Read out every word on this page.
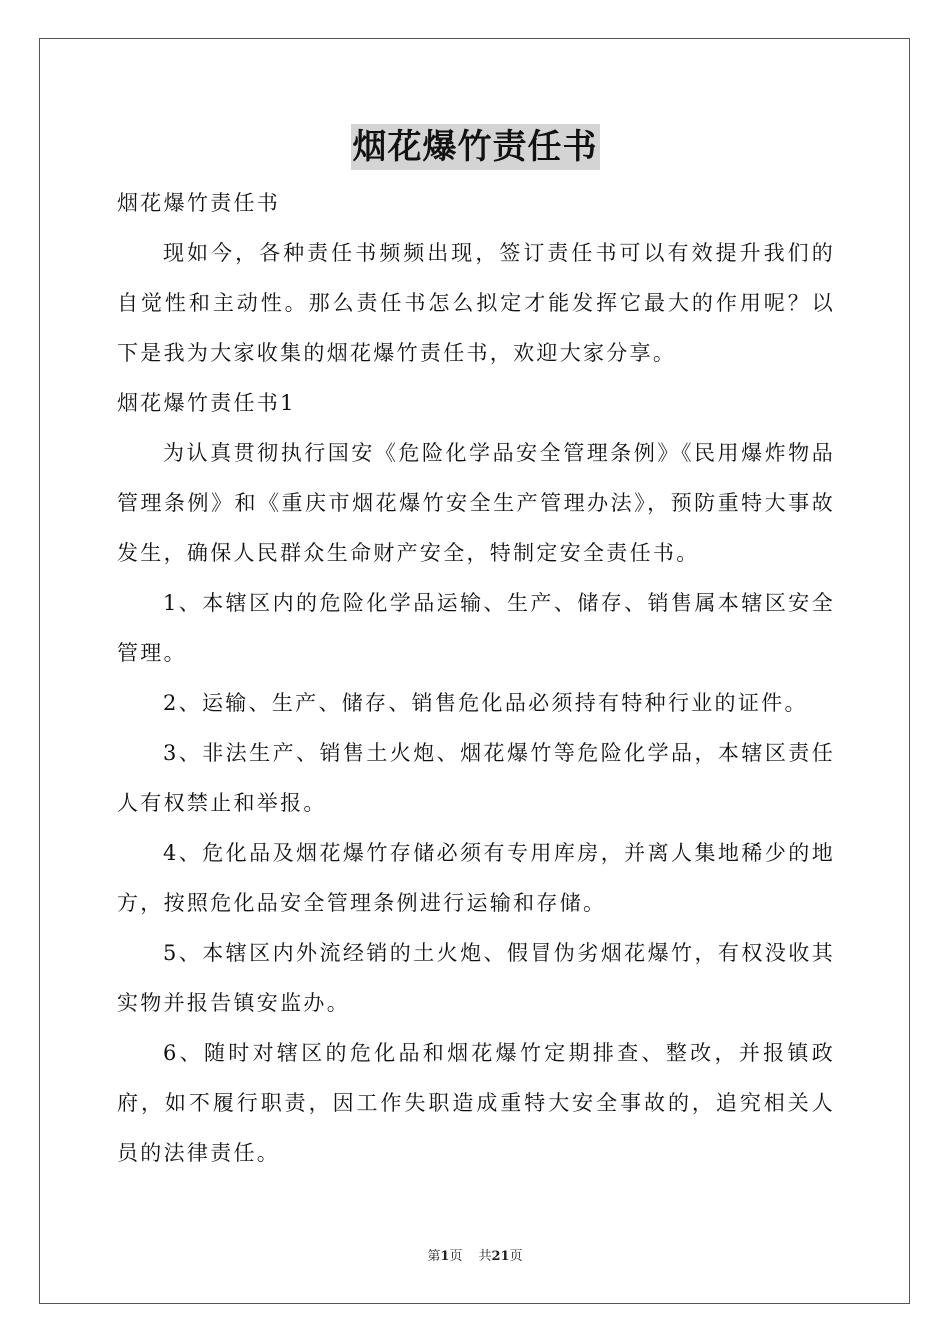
烟花爆竹责任书

烟花爆竹责任书

现如今，各种责任书频频出现，签订责任书可以有效提升我们的自觉性和主动性。那么责任书怎么拟定才能发挥它最大的作用呢？以下是我为大家收集的烟花爆竹责任书，欢迎大家分享。

烟花爆竹责任书1

为认真贯彻执行国安《危险化学品安全管理条例》《民用爆炸物品管理条例》和《重庆市烟花爆竹安全生产管理办法》，预防重特大事故发生，确保人民群众生命财产安全，特制定安全责任书。

1、本辖区内的危险化学品运输、生产、储存、销售属本辖区安全管理。

2、运输、生产、储存、销售危化品必须持有特种行业的证件。

3、非法生产、销售土火炮、烟花爆竹等危险化学品，本辖区责任人有权禁止和举报。

4、危化品及烟花爆竹存储必须有专用库房，并离人集地稀少的地方，按照危化品安全管理条例进行运输和存储。

5、本辖区内外流经销的土火炮、假冒伪劣烟花爆竹，有权没收其实物并报告镇安监办。

6、随时对辖区的危化品和烟花爆竹定期排查、整改，并报镇政府，如不履行职责，因工作失职造成重特大安全事故的，追究相关人员的法律责任。

第1页 共21页
